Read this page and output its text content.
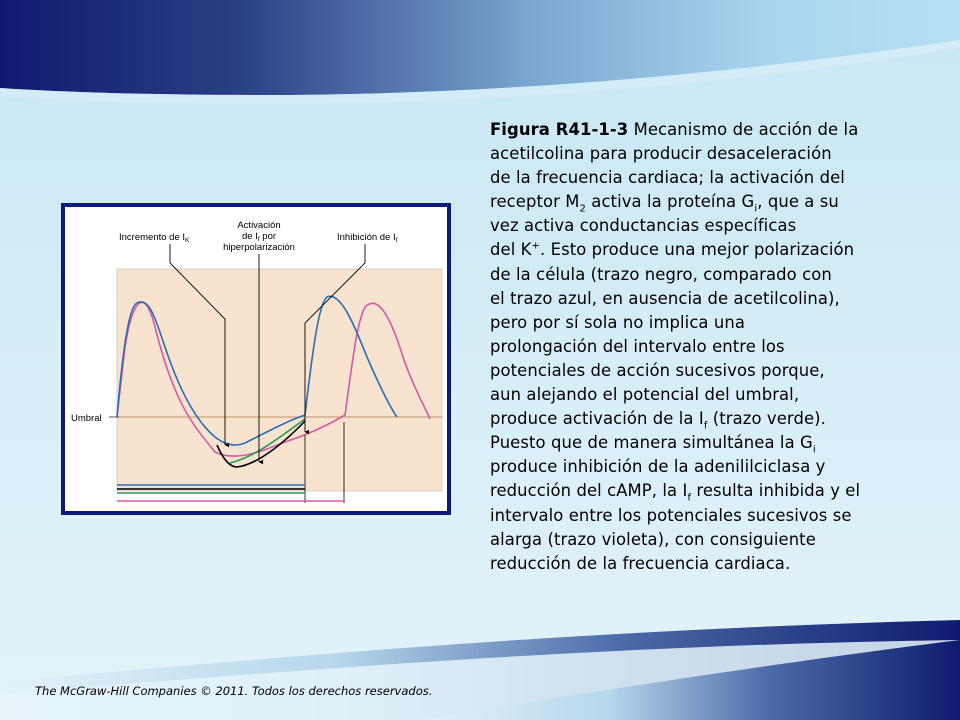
Incremento de $I_K$
Activación
de $I_f$ por
hiperpolarización
Inhibición de $I_f$
Umbral
Figura R41-1-3 Mecanismo de acción de la
acetilcolina para producir desaceleración
de la frecuencia cardiaca; la activación del
receptor $M_2$ activa la proteína $G_i$, que a su
vez activa conductancias específicas
del K+. Esto produce una mejor polarización
de la célula (trazo negro, comparado con
el trazo azul, en ausencia de acetilcolina),
pero por sí sola no implica una
prolongación del intervalo entre los
potenciales de acción sucesivos porque,
aun alejando el potencial del umbral,
produce activación de la $I_f$ (trazo verde).
Puesto que de manera simultánea la $G_i$
produce inhibición de la adenililciclasa y
reducción del cAMP, la $I_f$ resulta inhibida y el
intervalo entre los potenciales sucesivos se
alarga (trazo violeta), con consiguiente
reducción de la frecuencia cardiaca.
The McGraw-Hill Companies © 2011. Todos los derechos reservados.
